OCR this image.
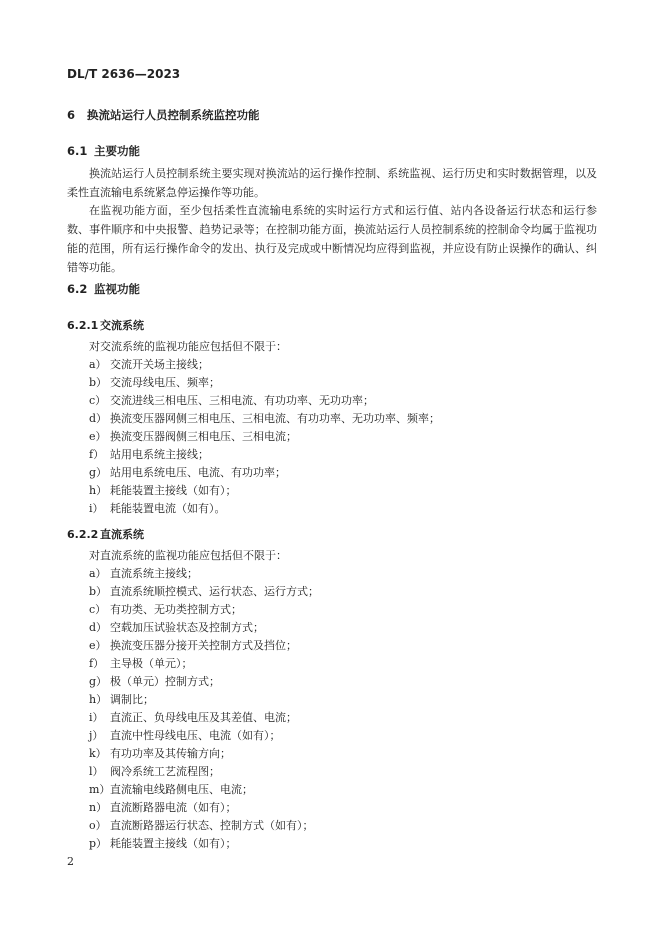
DL/T 2636—2023
6 换流站运行人员控制系统监控功能
6.1 主要功能

换流站运行人员控制系统主要实现对换流站的运行操作控制、系统监视、运行历史和实时数据管理，以及柔性直流输电系统紧急停运操作等功能。

在监视功能方面，至少包括柔性直流输电系统的实时运行方式和运行值、站内各设备运行状态和运行参数、事件顺序和中央报警、趋势记录等；在控制功能方面，换流站运行人员控制系统的控制命令均属于监视功能的范围，所有运行操作命令的发出、执行及完成或中断情况均应得到监视，并应设有防止误操作的确认、纠错等功能。

6.2 监视功能
6.2.1 交流系统
对交流系统的监视功能应包括但不限于：
a） 交流开关场主接线；
b） 交流母线电压、频率；
c） 交流进线三相电压、三相电流、有功功率、无功功率；
d） 换流变压器网侧三相电压、三相电流、有功功率、无功功率、频率；
e） 换流变压器阀侧三相电压、三相电流；
f） 站用电系统主接线；
g） 站用电系统电压、电流、有功功率；
h） 耗能装置主接线（如有）；
i） 耗能装置电流（如有）。
6.2.2 直流系统
对直流系统的监视功能应包括但不限于：
a） 直流系统主接线；
b） 直流系统顺控模式、运行状态、运行方式；
c） 有功类、无功类控制方式；
d） 空载加压试验状态及控制方式；
e） 换流变压器分接开关控制方式及挡位；
f） 主导极（单元）；
g） 极（单元）控制方式；
h） 调制比；
i） 直流正、负母线电压及其差值、电流；
j） 直流中性母线电压、电流（如有）；
k） 有功功率及其传输方向；
l） 阀冷系统工艺流程图；
m）直流输电线路侧电压、电流；
n） 直流断路器电流（如有）；
o） 直流断路器运行状态、控制方式（如有）；
p） 耗能装置主接线（如有）；
2
